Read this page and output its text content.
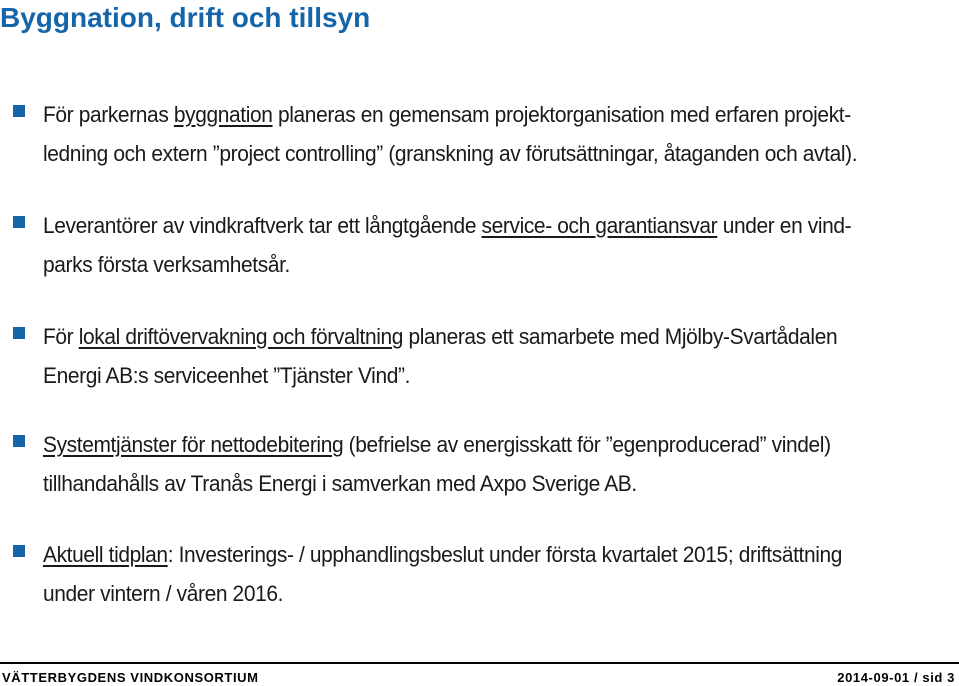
Byggnation, drift och tillsyn
För parkernas byggnation planeras en gemensam projektorganisation med erfaren projekt-
ledning och extern ”project controlling” (granskning av förutsättningar, åtaganden och avtal).
Leverantörer av vindkraftverk tar ett långtgående service- och garantiansvar under en vind-
parks första verksamhetsår.
För lokal driftövervakning och förvaltning planeras ett samarbete med Mjölby-Svartådalen
Energi AB:s serviceenhet ”Tjänster Vind”.
Systemtjänster för nettodebitering (befrielse av energisskatt för ”egenproducerad” vindel)
tillhandahålls av Tranås Energi i samverkan med Axpo Sverige AB.
Aktuell tidplan: Investerings- / upphandlingsbeslut under första kvartalet 2015; driftsättning
under vintern / våren 2016.
VÄTTERBYGDENS VINDKONSORTIUM	2014-09-01 / sid 3
